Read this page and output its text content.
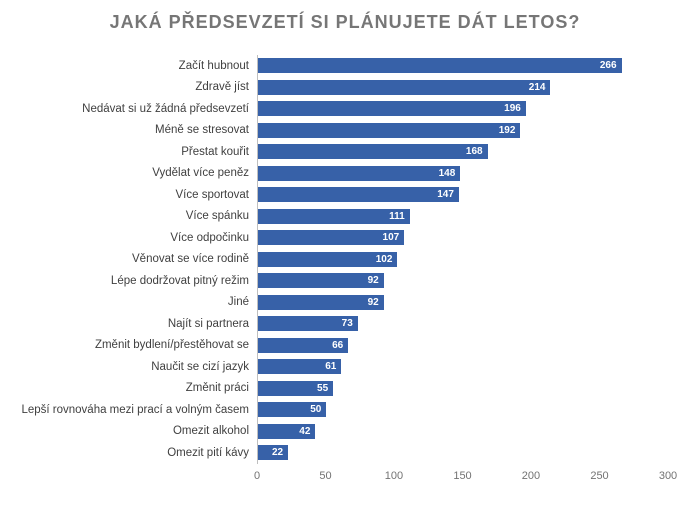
JAKÁ PŘEDSEVZETÍ SI PLÁNUJETE DÁT LETOS?
Začít hubnout	266
Zdravě jíst	214
Nedávat si už žádná předsevzetí	196
Méně se stresovat	192
Přestat kouřit	168
Vydělat více peněz	148
Více sportovat	147
Více spánku	111
Více odpočinku	107
Věnovat se více rodině	102
Lépe dodržovat pitný režim	92
Jiné	92
Najít si partnera	73
Změnit bydlení/přestěhovat se	66
Naučit se cizí jazyk	61
Změnit práci	55
Lepší rovnováha mezi prací a volným časem	50
Omezit alkohol	42
Omezit pití kávy	22
0	50	100	150	200	250	300
